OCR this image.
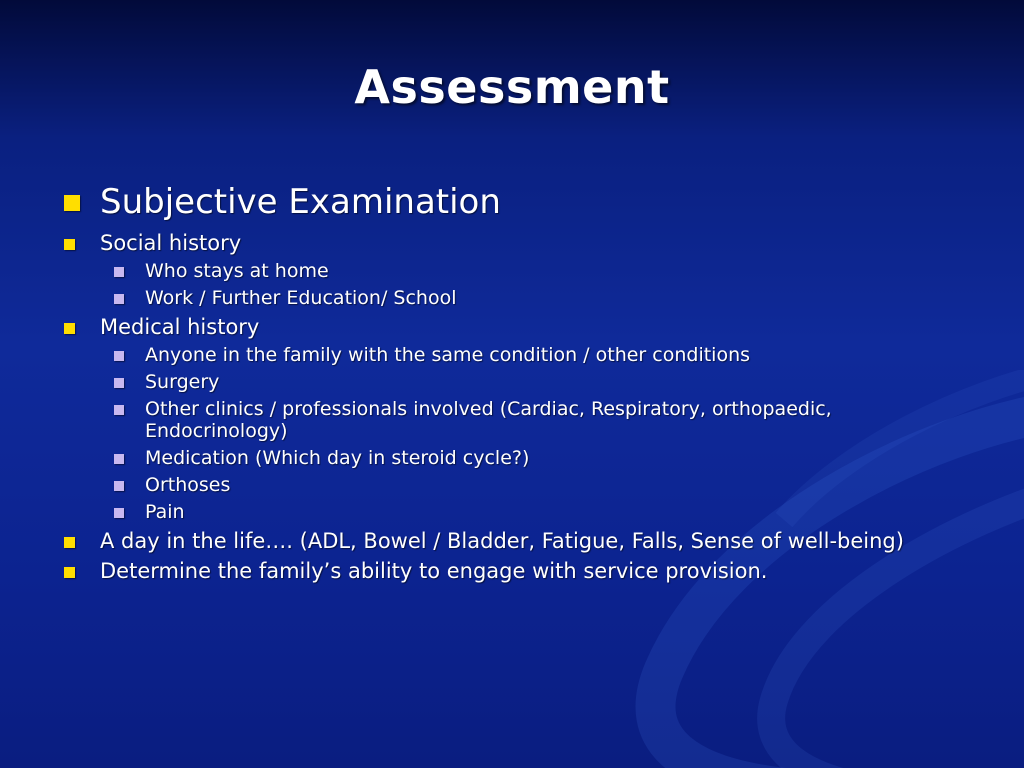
Assessment
Subjective Examination
Social history
Who stays at home
Work / Further Education/ School
Medical history
Anyone in the family with the same condition / other conditions
Surgery
Other clinics / professionals involved (Cardiac, Respiratory, orthopaedic, Endocrinology)
Medication (Which day in steroid cycle?)
Orthoses
Pain
A day in the life…. (ADL, Bowel / Bladder, Fatigue, Falls, Sense of well-being)
Determine the family’s ability to engage with service provision.
